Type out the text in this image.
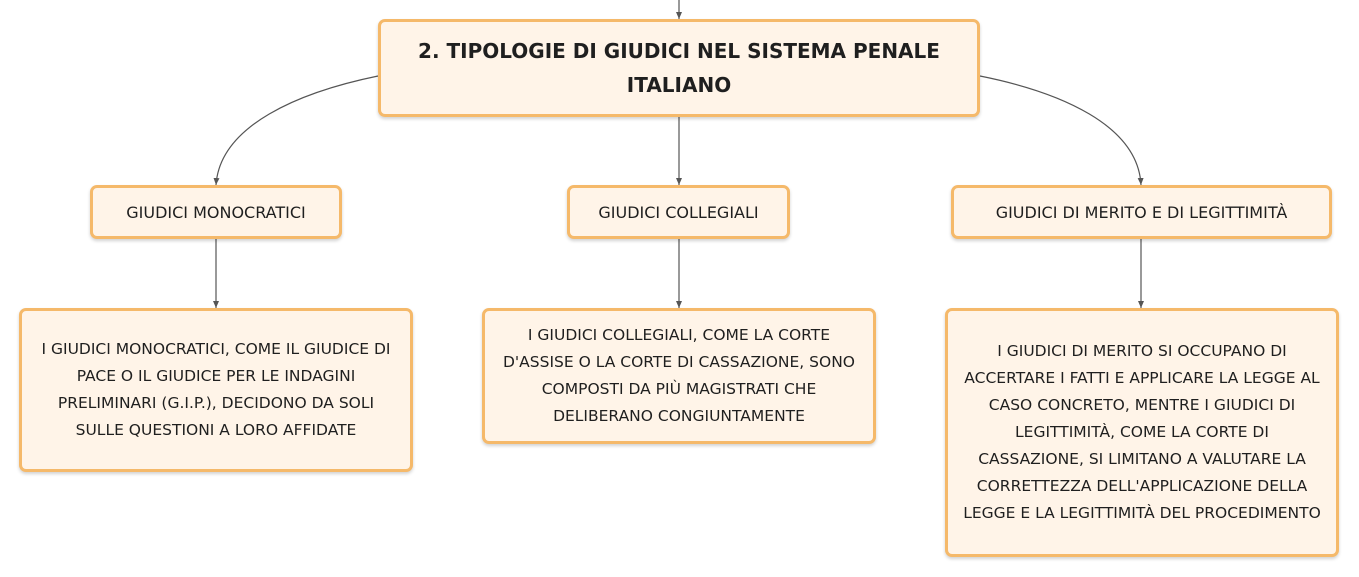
2. TIPOLOGIE DI GIUDICI NEL SISTEMA PENALE ITALIANO
GIUDICI MONOCRATICI	GIUDICI COLLEGIALI	GIUDICI DI MERITO E DI LEGITTIMITÀ
I GIUDICI MONOCRATICI, COME IL GIUDICE DI PACE O IL GIUDICE PER LE INDAGINI PRELIMINARI (G.I.P.), DECIDONO DA SOLI SULLE QUESTIONI A LORO AFFIDATE
I GIUDICI COLLEGIALI, COME LA CORTE D'ASSISE O LA CORTE DI CASSAZIONE, SONO COMPOSTI DA PIÙ MAGISTRATI CHE DELIBERANO CONGIUNTAMENTE
I GIUDICI DI MERITO SI OCCUPANO DI ACCERTARE I FATTI E APPLICARE LA LEGGE AL CASO CONCRETO, MENTRE I GIUDICI DI LEGITTIMITÀ, COME LA CORTE DI CASSAZIONE, SI LIMITANO A VALUTARE LA CORRETTEZZA DELL'APPLICAZIONE DELLA LEGGE E LA LEGITTIMITÀ DEL PROCEDIMENTO
